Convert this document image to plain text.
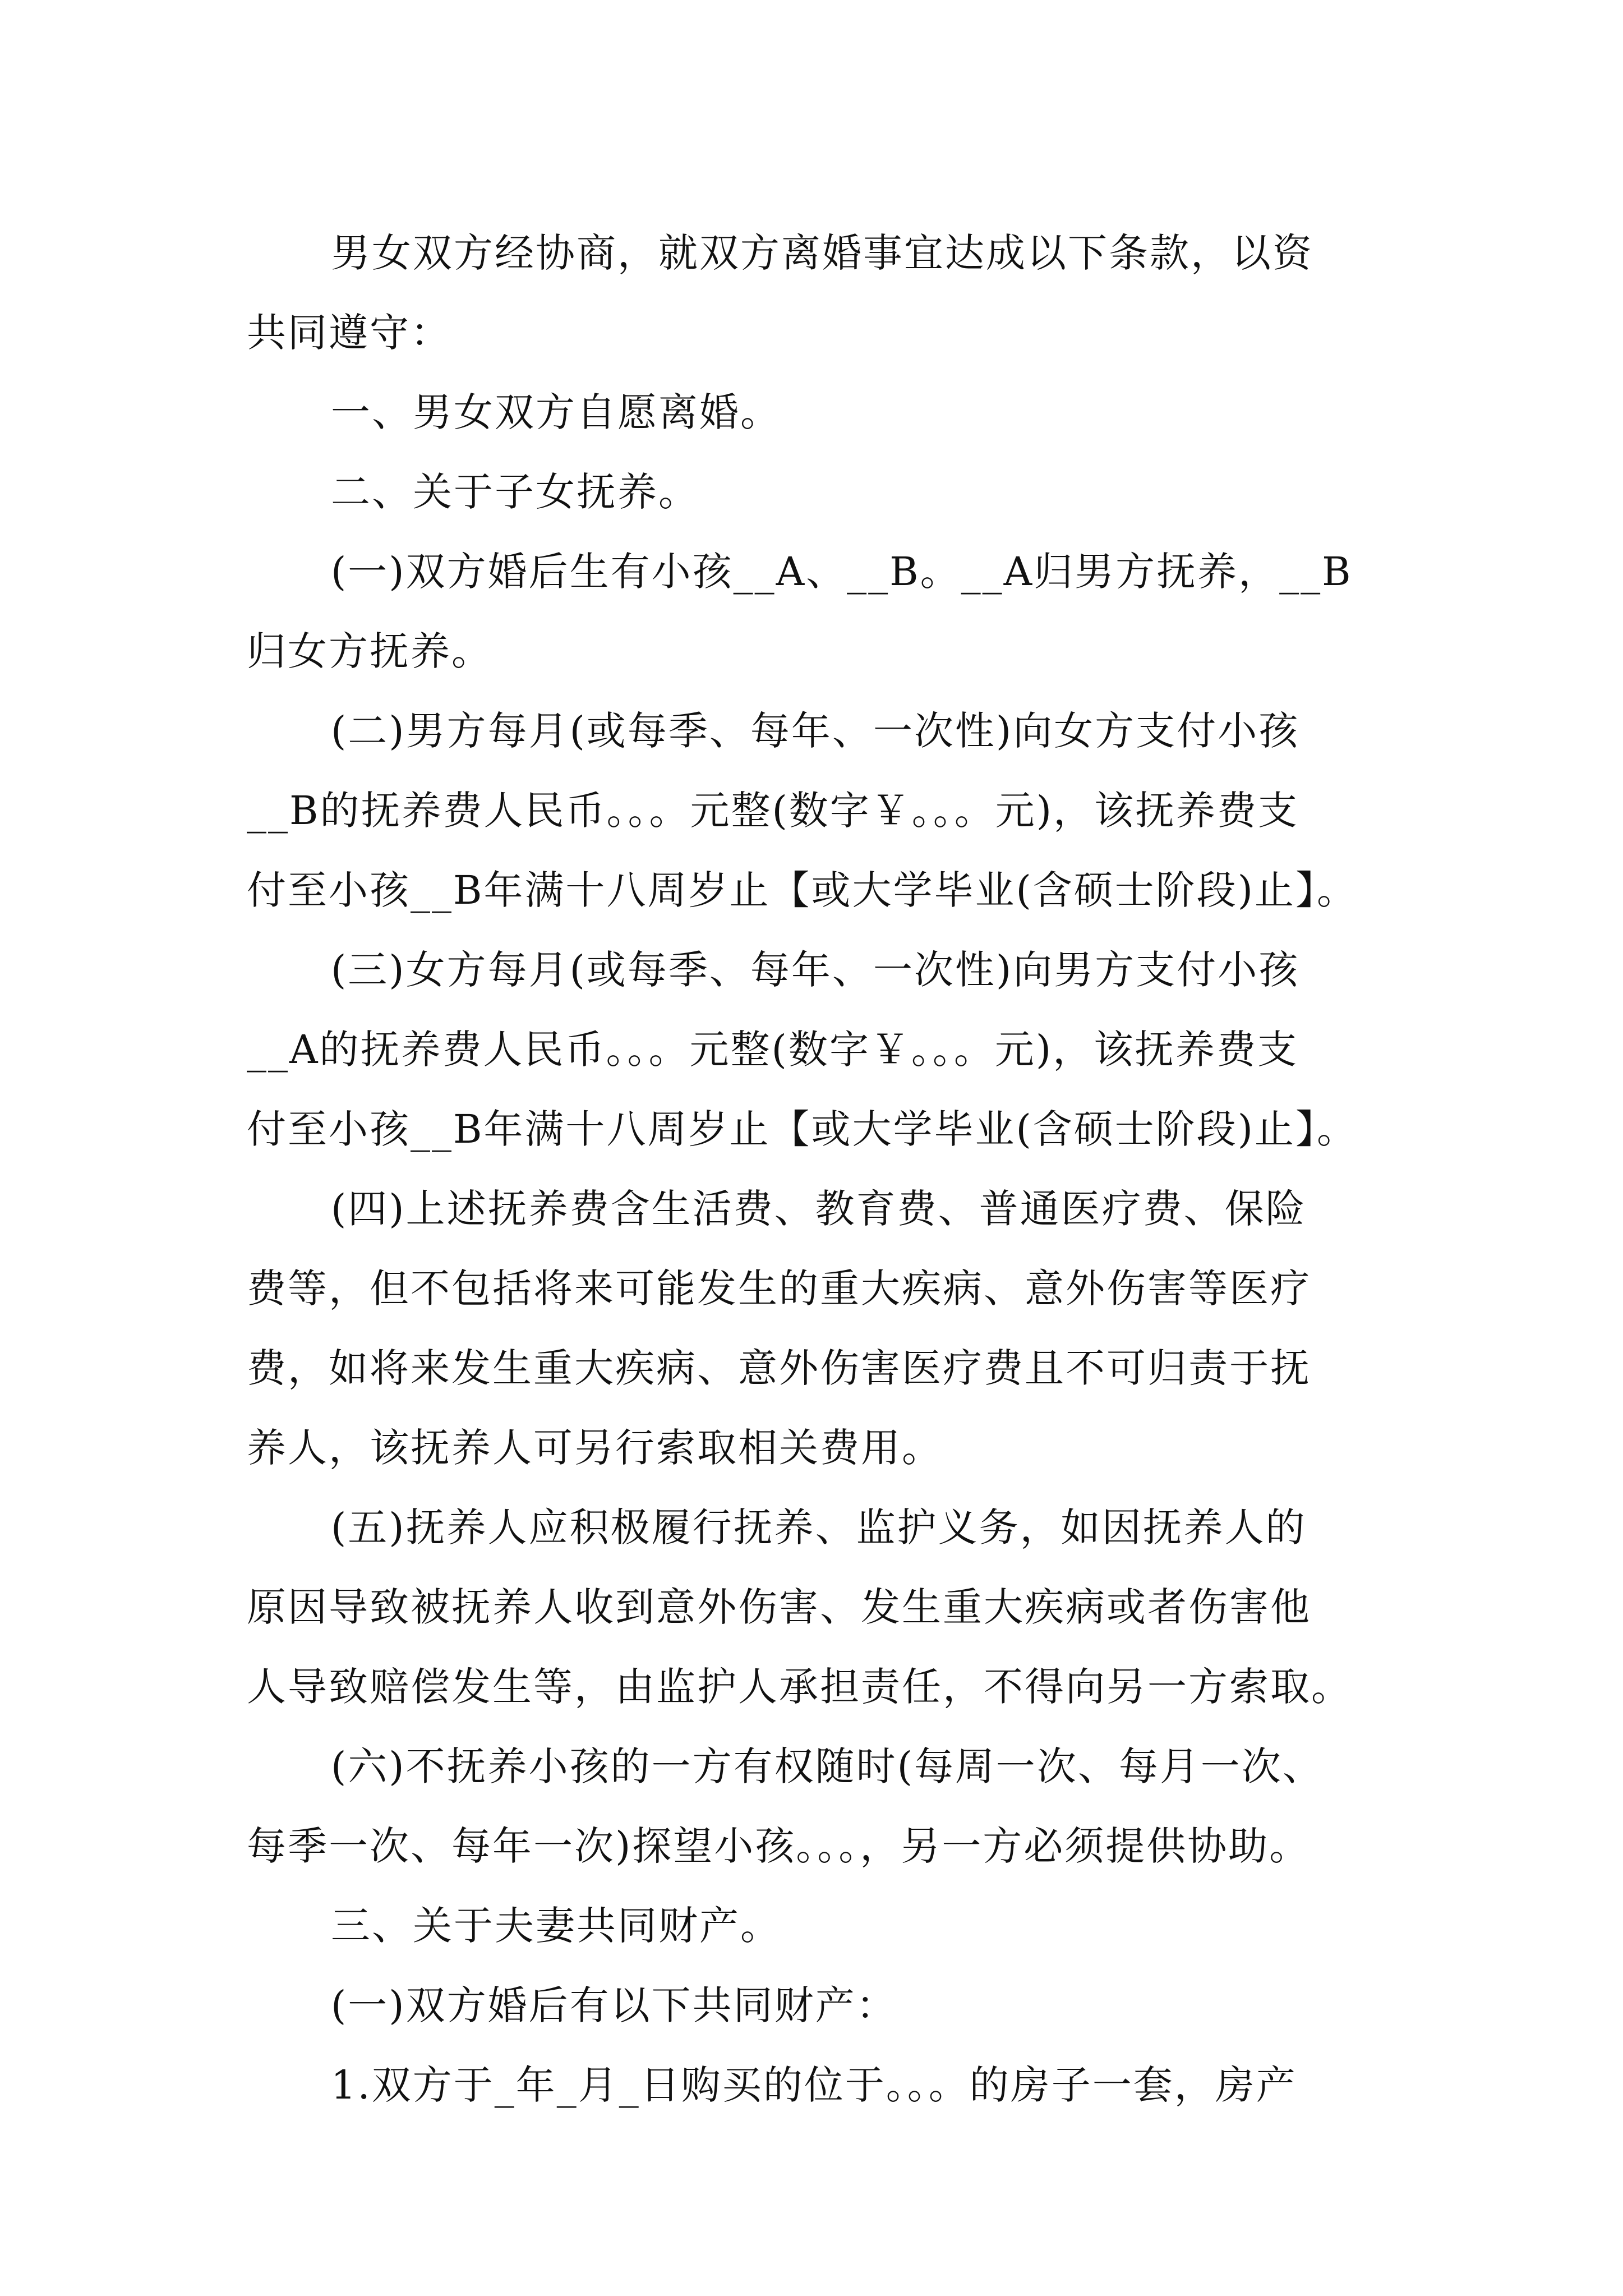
男女双方经协商，就双方离婚事宜达成以下条款，以资

共同遵守：

一、男女双方自愿离婚。

二、关于子女抚养。

(一)双方婚后生有小孩__A、__B。__A归男方抚养，__B

归女方抚养。

(二)男方每月(或每季、每年、一次性)向女方支付小孩

__B的抚养费人民币。。。元整(数字￥。。。元)，该抚养费支

付至小孩__B年满十八周岁止【或大学毕业(含硕士阶段)止】。

(三)女方每月(或每季、每年、一次性)向男方支付小孩

__A的抚养费人民币。。。元整(数字￥。。。元)，该抚养费支

付至小孩__B年满十八周岁止【或大学毕业(含硕士阶段)止】。

(四)上述抚养费含生活费、教育费、普通医疗费、保险

费等，但不包括将来可能发生的重大疾病、意外伤害等医疗

费，如将来发生重大疾病、意外伤害医疗费且不可归责于抚

养人，该抚养人可另行索取相关费用。

(五)抚养人应积极履行抚养、监护义务，如因抚养人的

原因导致被抚养人收到意外伤害、发生重大疾病或者伤害他

人导致赔偿发生等，由监护人承担责任，不得向另一方索取。

(六)不抚养小孩的一方有权随时(每周一次、每月一次、

每季一次、每年一次)探望小孩。。。，另一方必须提供协助。

三、关于夫妻共同财产。

(一)双方婚后有以下共同财产：

1.双方于_年_月_日购买的位于。。。的房子一套，房产
